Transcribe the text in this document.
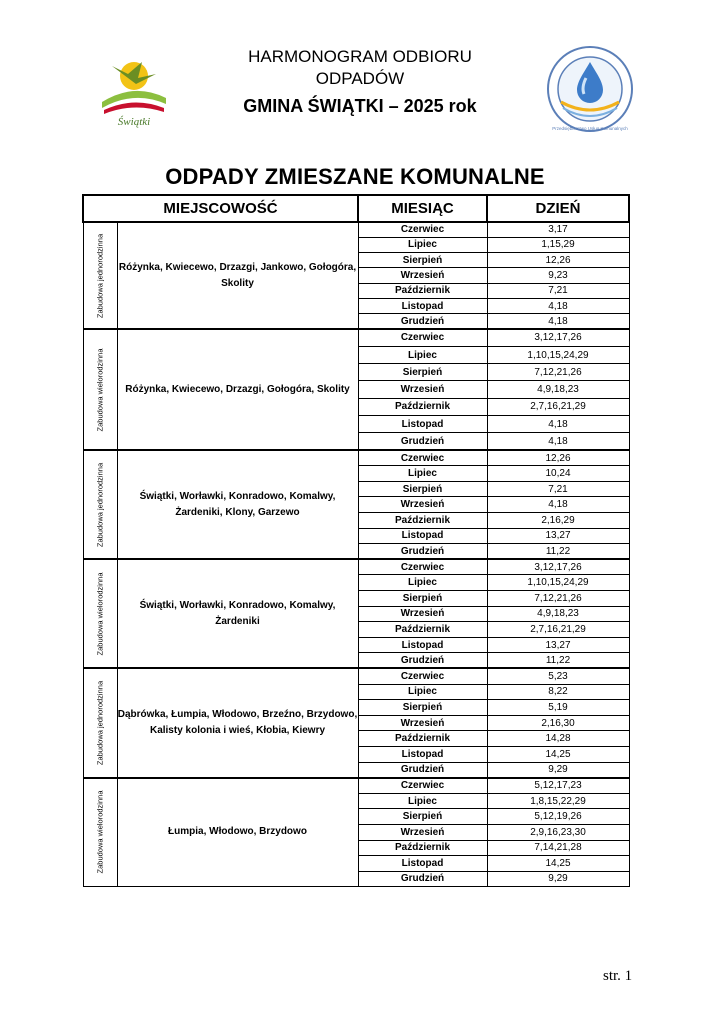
Świątki
HARMONOGRAM ODBIORU
ODPADÓW
GMINA ŚWIĄTKI – 2025 rok
Przedsiębiorstwo Usług Komunalnych
ODPADY ZMIESZANE KOMUNALNE
MIEJSCOWOŚĆ		MIESIĄC	DZIEŃ

Zabudowa jednorodzinna	Różynka, Kwiecewo, Drzazgi, Jankowo, Gołogóra, Skolity	Czerwiec	3,17
		Lipiec	1,15,29
		Sierpień	12,26
		Wrzesień	9,23
		Październik	7,21
		Listopad	4,18
		Grudzień	4,18

Zabudowa wielorodzinna	Różynka, Kwiecewo, Drzazgi, Gołogóra, Skolity	Czerwiec	3,12,17,26
		Lipiec	1,10,15,24,29
		Sierpień	7,12,21,26
		Wrzesień	4,9,18,23
		Październik	2,7,16,21,29
		Listopad	4,18
		Grudzień	4,18

Zabudowa jednorodzinna	Świątki, Worławki, Konradowo, Komalwy, Żardeniki, Klony, Garzewo	Czerwiec	12,26
		Lipiec	10,24
		Sierpień	7,21
		Wrzesień	4,18
		Październik	2,16,29
		Listopad	13,27
		Grudzień	11,22

Zabudowa wielorodzinna	Świątki, Worławki, Konradowo, Komalwy, Żardeniki	Czerwiec	3,12,17,26
		Lipiec	1,10,15,24,29
		Sierpień	7,12,21,26
		Wrzesień	4,9,18,23
		Październik	2,7,16,21,29
		Listopad	13,27
		Grudzień	11,22

Zabudowa jednorodzinna	Dąbrówka, Łumpia, Włodowo, Brzeźno, Brzydowo, Kalisty kolonia i wieś, Kłobia, Kiewry	Czerwiec	5,23
		Lipiec	8,22
		Sierpień	5,19
		Wrzesień	2,16,30
		Październik	14,28
		Listopad	14,25
		Grudzień	9,29

Zabudowa wielorodzinna	Łumpia, Włodowo, Brzydowo	Czerwiec	5,12,17,23
		Lipiec	1,8,15,22,29
		Sierpień	5,12,19,26
		Wrzesień	2,9,16,23,30
		Październik	7,14,21,28
		Listopad	14,25
		Grudzień	9,29
str. 1
